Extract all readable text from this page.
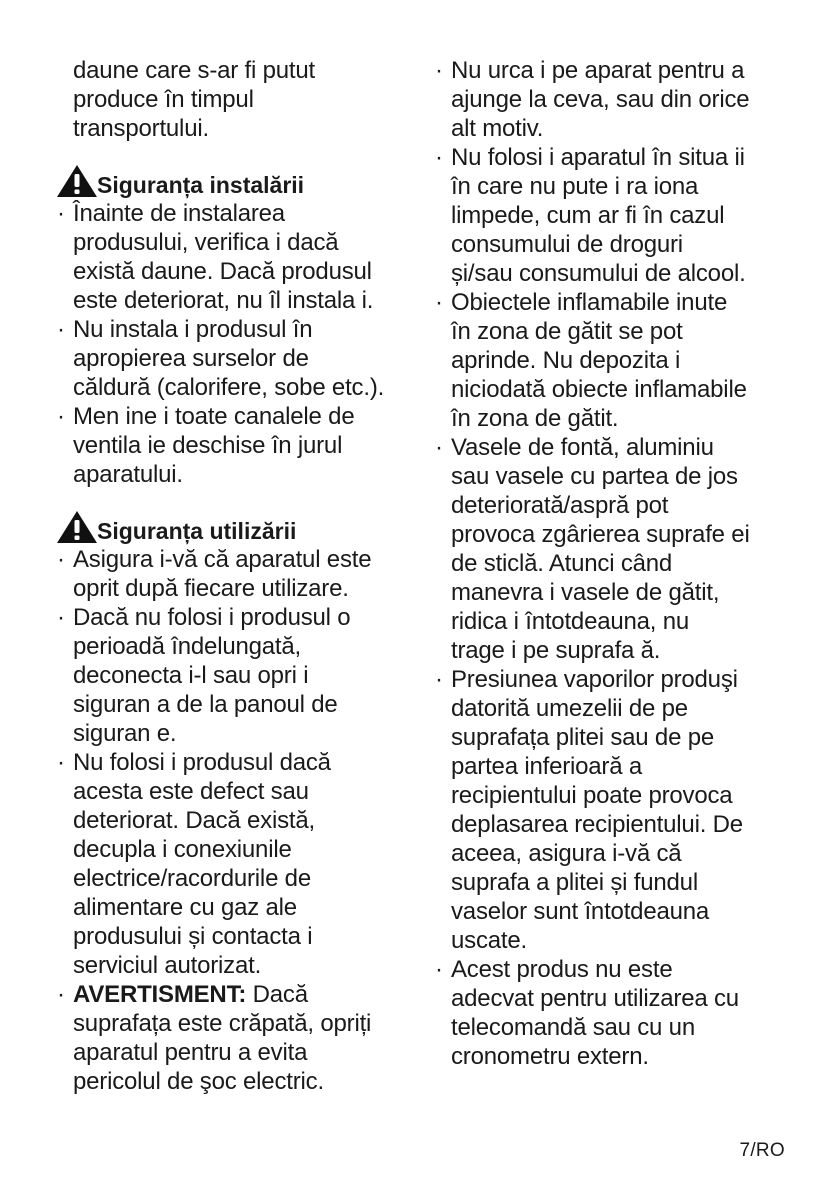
daune care s-ar fi putut
produce în timpul
transportului.

Siguranța instalării
· Înainte de instalarea
produsului, verifica i dacă
există daune. Dacă produsul
este deteriorat, nu îl instala i.

· Nu instala i produsul în
apropierea surselor de
căldură (calorifere, sobe etc.).

· Men ine i toate canalele de
ventila ie deschise în jurul
aparatului.

Siguranța utilizării
· Asigura i-vă că aparatul este
oprit după fiecare utilizare.

· Dacă nu folosi i produsul o
perioadă îndelungată,
deconecta i-l sau opri i
siguran a de la panoul de
siguran e.

· Nu folosi i produsul dacă
acesta este defect sau
deteriorat. Dacă există,
decupla i conexiunile
electrice/racordurile de
alimentare cu gaz ale
produsului și contacta i
serviciul autorizat.

· AVERTISMENT: Dacă
suprafața este crăpată, opriți
aparatul pentru a evita
pericolul de şoc electric.

· Nu urca i pe aparat pentru a
ajunge la ceva, sau din orice
alt motiv.

· Nu folosi i aparatul în situa ii
în care nu pute i ra iona
limpede, cum ar fi în cazul
consumului de droguri
și/sau consumului de alcool.

· Obiectele inflamabile inute
în zona de gătit se pot
aprinde. Nu depozita i
niciodată obiecte inflamabile
în zona de gătit.

· Vasele de fontă, aluminiu
sau vasele cu partea de jos
deteriorată/aspră pot
provoca zgârierea suprafe ei
de sticlă. Atunci când
manevra i vasele de gătit,
ridica i întotdeauna, nu
trage i pe suprafa ă.

· Presiunea vaporilor produşi
datorită umezelii de pe
suprafața plitei sau de pe
partea inferioară a
recipientului poate provoca
deplasarea recipientului. De
aceea, asigura i-vă că
suprafa a plitei și fundul
vaselor sunt întotdeauna
uscate.

· Acest produs nu este
adecvat pentru utilizarea cu
telecomandă sau cu un
cronometru extern.

7/RO
